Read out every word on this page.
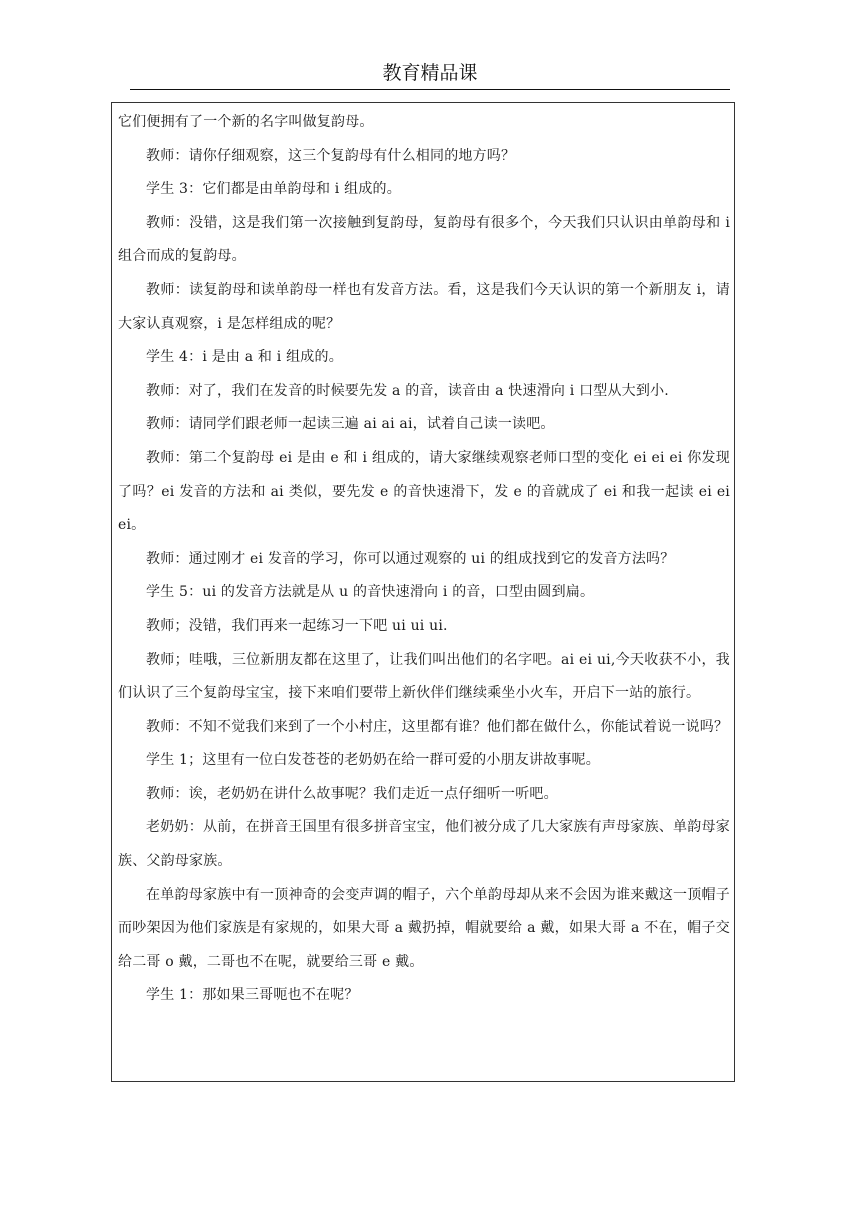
教育精品课

它们便拥有了一个新的名字叫做复韵母。

教师：请你仔细观察，这三个复韵母有什么相同的地方吗？

学生 3：它们都是由单韵母和 i 组成的。

教师：没错，这是我们第一次接触到复韵母，复韵母有很多个，今天我们只认识由单韵母和 i 组合而成的复韵母。

教师：读复韵母和读单韵母一样也有发音方法。看，这是我们今天认识的第一个新朋友 i，请大家认真观察，i 是怎样组成的呢？

学生 4：i 是由 a 和 i 组成的。

教师：对了，我们在发音的时候要先发 a 的音，读音由 a 快速滑向 i 口型从大到小.

教师：请同学们跟老师一起读三遍 ai ai ai，试着自己读一读吧。

教师：第二个复韵母 ei 是由 e 和 i 组成的，请大家继续观察老师口型的变化 ei ei ei 你发现了吗？ei 发音的方法和 ai 类似，要先发 e 的音快速滑下，发 e 的音就成了 ei 和我一起读 ei ei ei。

教师：通过刚才 ei 发音的学习，你可以通过观察的 ui 的组成找到它的发音方法吗？

学生 5：ui 的发音方法就是从 u 的音快速滑向 i 的音，口型由圆到扁。

教师；没错，我们再来一起练习一下吧 ui ui ui.

教师；哇哦，三位新朋友都在这里了，让我们叫出他们的名字吧。ai ei ui,今天收获不小，我们认识了三个复韵母宝宝，接下来咱们要带上新伙伴们继续乘坐小火车，开启下一站的旅行。

教师：不知不觉我们来到了一个小村庄，这里都有谁？他们都在做什么，你能试着说一说吗？

学生 1；这里有一位白发苍苍的老奶奶在给一群可爱的小朋友讲故事呢。

教师：诶，老奶奶在讲什么故事呢？我们走近一点仔细听一听吧。

老奶奶：从前，在拼音王国里有很多拼音宝宝，他们被分成了几大家族有声母家族、单韵母家族、父韵母家族。

在单韵母家族中有一顶神奇的会变声调的帽子，六个单韵母却从来不会因为谁来戴这一顶帽子而吵架因为他们家族是有家规的，如果大哥 a 戴扔掉，帽就要给 a 戴，如果大哥 a 不在，帽子交给二哥 o 戴，二哥也不在呢，就要给三哥 e 戴。

学生 1：那如果三哥呃也不在呢？
